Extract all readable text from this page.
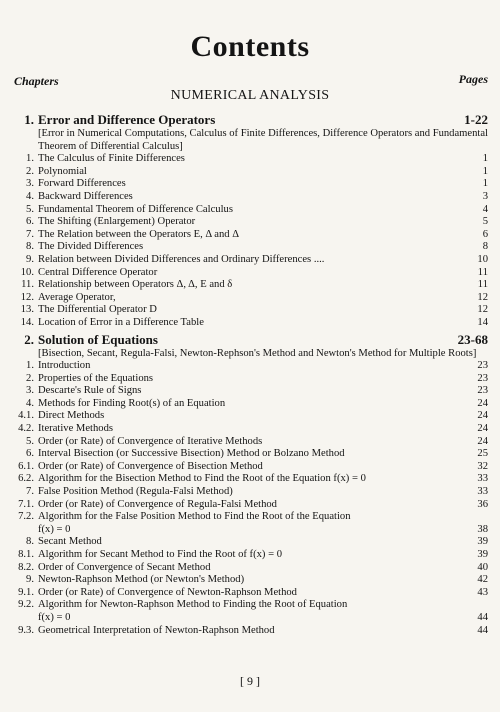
Contents
Chapters	Pages
NUMERICAL ANALYSIS
1. Error and Difference Operators	1-22
[Error in Numerical Computations, Calculus of Finite Differences, Difference Operators and Fundamental Theorem of Differential Calculus]
1. The Calculus of Finite Differences	1
2. Polynomial	1
3. Forward Differences	1
4. Backward Differences	3
5. Fundamental Theorem of Difference Calculus	4
6. The Shifting (Enlargement) Operator	5
7. The Relation between the Operators E, Δ and Δ	6
8. The Divided Differences	8
9. Relation between Divided Differences and Ordinary Differences ....	10
10. Central Difference Operator	11
11. Relationship between Operators Δ, Δ, E and δ	11
12. Average Operator,	12
13. The Differential Operator D	12
14. Location of Error in a Difference Table	14
2. Solution of Equations	23-68
[Bisection, Secant, Regula-Falsi, Newton-Rephson's Method and Newton's Method for Multiple Roots]
1. Introduction	23
2. Properties of the Equations	23
3. Descarte's Rule of Signs	23
4. Methods for Finding Root(s) of an Equation	24
4.1. Direct Methods	24
4.2. Iterative Methods	24
5. Order (or Rate) of Convergence of Iterative Methods	24
6. Interval Bisection (or Successive Bisection) Method or Bolzano Method	25
6.1. Order (or Rate) of Convergence of Bisection Method	32
6.2. Algorithm for the Bisection Method to Find the Root of the Equation f(x) = 0	33
7. False Position Method (Regula-Falsi Method)	33
7.1. Order (or Rate) of Convergence of Regula-Falsi Method	36
7.2. Algorithm for the False Position Method to Find the Root of the Equation
f(x) = 0	38
8. Secant Method	39
8.1. Algorithm for Secant Method to Find the Root of f(x) = 0	39
8.2. Order of Convergence of Secant Method	40
9. Newton-Raphson Method (or Newton's Method)	42
9.1. Order (or Rate) of Convergence of Newton-Raphson Method	43
9.2. Algorithm for Newton-Raphson Method to Finding the Root of Equation
f(x) = 0	44
9.3. Geometrical Interpretation of Newton-Raphson Method	44
[ 9 ]
